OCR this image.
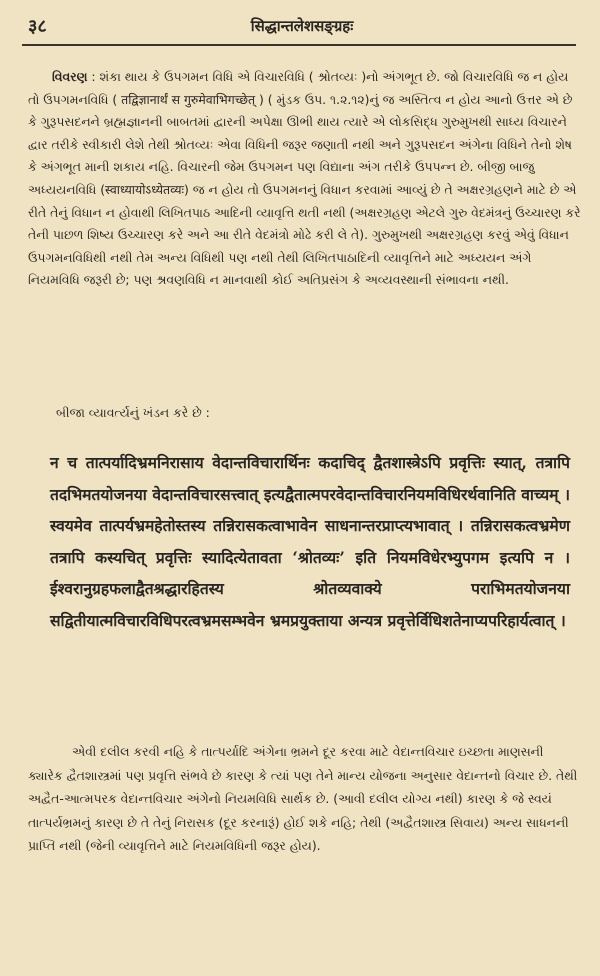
३८	सिद्धान्तलेशसङ्ग्रहः

વિવરણ : શંકા થાય કે ઉપગમન વિધિ એ વિચારવિધિ ( શ્રોતવ્યઃ )નો અંગભૂત છે. જો વિચારવિધિ જ ન હોય તો ઉપગમનવિધિ ( तद्विज्ञानार्थं स गुरुमेवाभिगच्छेत् ) ( મુંડક ઉપ. ૧.૨.૧૨)નું જ અસ્તિત્વ ન હોય આનો ઉત્તર એ છે કે ગુરૂપસદનને બ્રહ્મજ્ઞાનની બાબતમાં દ્વારની અપેક્ષા ઊભી થાય ત્યારે એ લોકસિદ્ધ ગુરુમુખથી સાધ્ય વિચારને દ્વાર તરીકે સ્વીકારી લેશે તેથી શ્રોતવ્યઃ એવા વિધિની જરૂર જણાતી નથી અને ગુરૂપસદન અંગેના વિધિને તેનો શેષ કે અંગભૂત માની શકાય નહિ. વિચારની જેમ ઉપગમન પણ વિદ્યાના અંગ તરીકે ઉપપન્ન છે. બીજી બાજુ અધ્યયનવિધિ (स्वाध्यायोऽध्येतव्यः) જ ન હોય તો ઉપગમનનું વિધાન કરવામાં આવ્યું છે તે અક્ષરગ્રહણને માટે છે એ રીતે તેનું વિધાન ન હોવાથી લિખિતપાઠ આદિની વ્યાવૃત્તિ થતી નથી (અક્ષરગ્રહણ એટલે ગુરુ વેદમંત્રનું ઉચ્ચારણ કરે તેની પાછળ શિષ્ય ઉચ્ચારણ કરે અને આ રીતે વેદમંત્રો મોઢે કરી લે તે). ગુરુમુખથી અક્ષરગ્રહણ કરવું એવું વિધાન ઉપગમનવિધિથી નથી તેમ અન્ય વિધિથી પણ નથી તેથી લિખિતપાઠાદિની વ્યાવૃત્તિને માટે અધ્યયન અંગે નિયમવિધિ જરૂરી છે; પણ શ્રવણવિધિ ન માનવાથી કોઈ અતિપ્રસંગ કે અવ્યવસ્થાની સંભાવના નથી.

બીજા વ્યાવર્ત્યનું ખંડન કરે છે :

न च तात्पर्यादिभ्रमनिरासाय वेदान्तविचारार्थिनः कदाचिद् द्वैतशास्त्रेऽपि प्रवृत्तिः स्यात्, तत्रापि तदभिमतयोजनया वेदान्तविचारसत्त्वात् इत्यद्वैतात्मपरवेदान्तविचारनियमविधिरर्थवानिति वाच्यम् । स्वयमेव तात्पर्यभ्रमहेतोस्तस्य तन्निरासकत्वाभावेन साधनान्तरप्राप्त्यभावात् । तन्निरासकत्वभ्रमेण तत्रापि कस्यचित् प्रवृत्तिः स्यादित्येतावता ‘श्रोतव्यः’ इति नियमविधेरभ्युपगम इत्यपि न । ईश्वरानुग्रहफलाद्वैतश्रद्धारहितस्य श्रोतव्यवाक्ये पराभिमतयोजनया सद्वितीयात्मविचारविधिपरत्वभ्रमसम्भवेन भ्रमप्रयुक्ताया अन्यत्र प्रवृत्तेर्विधिशतेनाप्यपरिहार्यत्वात् ।

એવી દલીલ કરવી નહિ કે તાત્પર્યાદિ અંગેના ભ્રમને દૂર કરવા માટે વેદાન્તવિચાર ઇચ્છતા માણસની ક્યારેક દ્વૈતશાસ્ત્રમાં પણ પ્રવૃત્તિ સંભવે છે કારણ કે ત્યાં પણ તેને માન્ય યોજના અનુસાર વેદાન્તનો વિચાર છે. તેથી અદ્વૈત-આત્મપરક વેદાન્તવિચાર અંગેનો નિયમવિધિ સાર્થક છે. (આવી દલીલ યોગ્ય નથી) કારણ કે જે સ્વયં તાત્પર્યભ્રમનું કારણ છે તે તેનું નિરાસક (દૂર કરનારૂં) હોઈ શકે નહિ; તેથી (અદ્વૈતશાસ્ત્ર સિવાય) અન્ય સાધનની પ્રાપ્તિ નથી (જેની વ્યાવૃત્તિને માટે નિયમવિધિની જરૂર હોય).
